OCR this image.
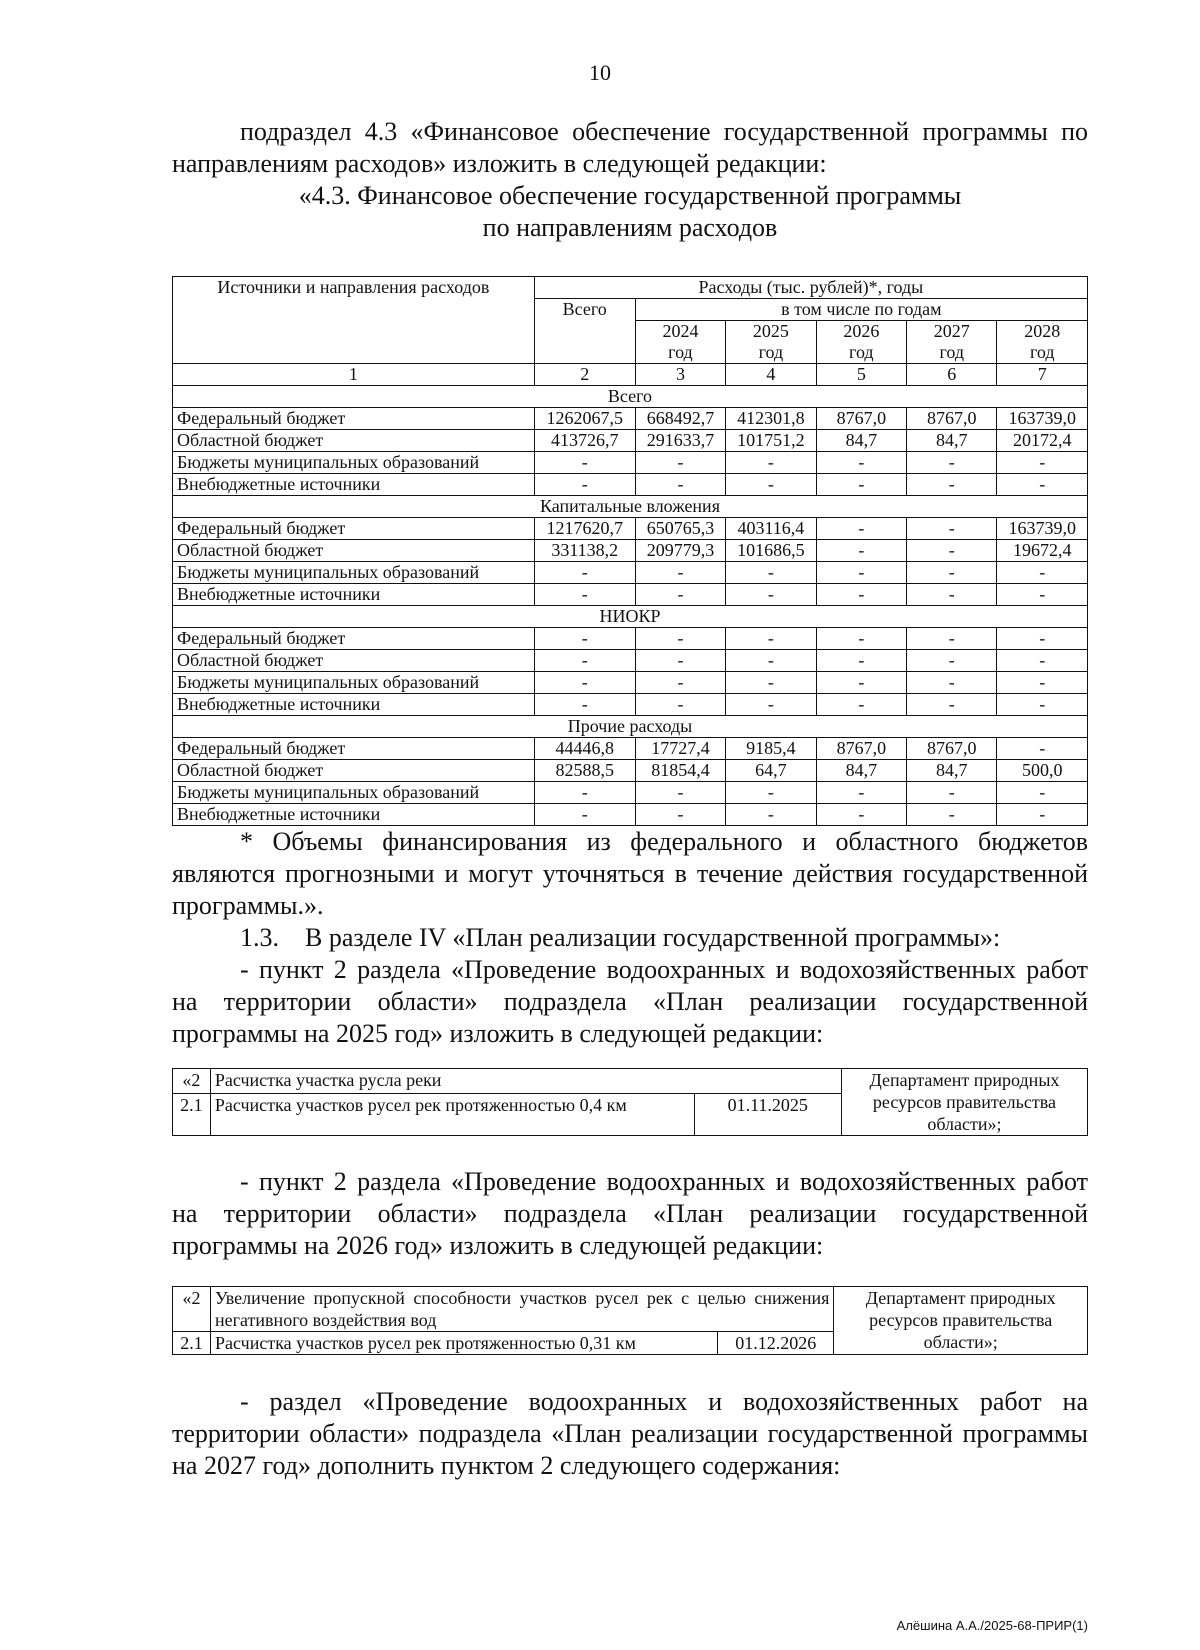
10
подраздел 4.3 «Финансовое обеспечение государственной программы по направлениям расходов» изложить в следующей редакции:
«4.3. Финансовое обеспечение государственной программы
по направлениям расходов
Источники и направления расходов	Расходы (тыс. рублей)*, годы					
	Всего	в том числе по годам				
		2024	2025	2026	2027	2028
		год	год	год	год	год
1	2	3	4	5	6	7
Всего						
Федеральный бюджет	1262067,5	668492,7	412301,8	8767,0	8767,0	163739,0
Областной бюджет	413726,7	291633,7	101751,2	84,7	84,7	20172,4
Бюджеты муниципальных образований	-	-	-	-	-	-
Внебюджетные источники	-	-	-	-	-	-
Капитальные вложения						
Федеральный бюджет	1217620,7	650765,3	403116,4	-	-	163739,0
Областной бюджет	331138,2	209779,3	101686,5	-	-	19672,4
Бюджеты муниципальных образований	-	-	-	-	-	-
Внебюджетные источники	-	-	-	-	-	-
НИОКР						
Федеральный бюджет	-	-	-	-	-	-
Областной бюджет	-	-	-	-	-	-
Бюджеты муниципальных образований	-	-	-	-	-	-
Внебюджетные источники	-	-	-	-	-	-
Прочие расходы						
Федеральный бюджет	44446,8	17727,4	9185,4	8767,0	8767,0	-
Областной бюджет	82588,5	81854,4	64,7	84,7	84,7	500,0
Бюджеты муниципальных образований	-	-	-	-	-	-
Внебюджетные источники	-	-	-	-	-	-
* Объемы финансирования из федерального и областного бюджетов являются прогнозными и могут уточняться в течение действия государственной программы.».
1.3.    В разделе IV «План реализации государственной программы»:
- пункт 2 раздела «Проведение водоохранных и водохозяйственных работ на территории области» подраздела «План реализации государственной программы на 2025 год» изложить в следующей редакции:
«2	Расчистка участка русла реки		Департамент природных ресурсов правительства области»;
2.1	Расчистка участков русел рек протяженностью 0,4 км	01.11.2025	
- пункт 2 раздела «Проведение водоохранных и водохозяйственных работ на территории области» подраздела «План реализации государственной программы на 2026 год» изложить в следующей редакции:
«2	Увеличение пропускной способности участков русел рек с целью снижения негативного воздействия вод		Департамент природных ресурсов правительства области»;
2.1	Расчистка участков русел рек протяженностью 0,31 км	01.12.2026	
- раздел «Проведение водоохранных и водохозяйственных работ на территории области» подраздела «План реализации государственной программы на 2027 год» дополнить пунктом 2 следующего содержания:
Алёшина А.А./2025-68-ПРИР(1)
